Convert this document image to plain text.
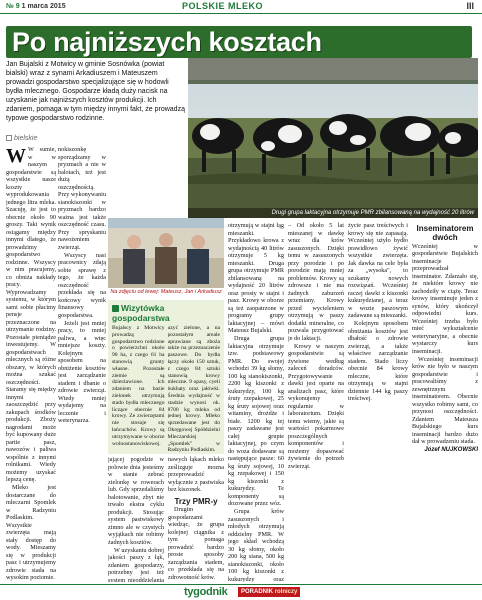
№ 9 1 marca 2015	POLSKIE MLEKO	III
Po najniższych kosztach
Jan Bujalski z Motwicy w gminie Sosnówka (powiat bialski) wraz z synami Arkadiuszem i Mateuszem prowadzi gospodarstwo specjalizujące się w hodowli bydła mlecznego. Gospodarze kładą duży nacisk na uzyskanie jak najniższych kosztów produkcji. Ich zdaniem, pomaga w tym między innymi fakt, że prowadzą typowe gospodarstwo rodzinne.
bielskie
Drugi grupa laktacyjna otrzymuje PMR zbilansowaną na wydajność 20 litrów
Na zdjęciu od lewej: Mateusz, Jan i Arkadiusz

W W sumie, w w naszym gospodarstwie są wszystkie nasze koszty wyprodukowania jednego litra mleka. Szacuję, że jest to obecnie około 90 groszy. Taki wynik osiągamy między innymi dlatego, że prowadzimy gospodarstwo rodzinne. Wszyscy w nim pracujemy, co obniża nakłady pracy. Wyprowadzamy systemu, w którym sami sobie płacimy pensje przeznaczone na utrzymanie rodziny. Pozostałe pieniądze inwestujemy. W gospodarstwach mlecznych są różne obszary, w których można szukać oszczędności. Staramy się między innymi zaoszczędzić przy zakupach środków produkcji. Zboży nagrodami może być kupowany duże partie pasz, nawozów i paliwa wspólnie z innymi rolnikami. Wtedy możemy uzyskać lepszą cenę.

Mleko jest dostarczane do mleczarni Spomlek w Radzyniu Podlaskim. Wszystkie zwierzęta mają stały dostęp do wody. Mieszamy się w produkcji pasz i utrzymujemy zdrowie stada na wysokim poziomie.

nokiszonkę sporządzamy w pryzmach a nie w balotach, też jest dużą oszczędnością. Przy wykonywaniu sianokiszonki w pryzmach bardzo ważna jest także oszczędność czasu. Przy spryskaniu nawożeniem zwierząt.

Wszyscy nasi pracownicy zdają sobie sprawę z tego, że każda oszczędność przekłada się na końcowy wynik finansowy gospodarstwa.

Jeżeli jest mniej pracy, to mniej paliwa, a więc mniejsze koszty. Kolejnym sposobem na obniżenie kosztów jest zarządzanie stadem i dbanie o zdrowie zwierząt. Wtedy mniej wydajemy na leczenie i weterynarza.

Wizytówka gospodarstwa
Bujalscy z Motwicy prowadzą gospodarstwo rodzinne o powierzchni około 90 ha, z czego 61 ha stanowią grunty własne. Pozostałe ziemie są dzierżawione. Ich zdaniem na bazie zielonek utrzymują stado bydła mlecznego liczące obecnie 84 krowy. Ze zwierzętami nie stosuje się łańcuchów. Krowy są utrzymywane w oborze wolnostanowiskowej.
uzyć zielone, a na pozostałym areale uprawiane są zboża także na przeznaczenie paszowe. Do bydła łączy około 150 sztuk, z czego 84 sztuki stanowią krowy mleczne. 9 opasy, cyeli bukhaty oraz jałówki. Średnia wydajność w stadzie wynosi ok. 8700 kg mleka od jednej krowy. Mleko sprzedawane jest do Okręgowej Spółdzielni Mleczarskiej „Spomlek" w Radzyniu Podlaskim.

jającej pogodzie w polowie dnia jesteśmy w stanie zebrać zielonkę w rowerach lub. Gdy sprzedaliśmy balotowanie, zbyt nie trwało ekstra cyklu produkcji. Stosując system pastwiskowy zimno ale w czystych wyjątkach nie robimy żadnych kosztów.

W uzyskaniu dobrej jakości paszy z łąk, zdaniem gospodarzy, potrzebny jest też system nieoddzielania

nawych łąkach mleko ześlizguje mozna przeprowadzić wyłącznie z pastwiska bez kiszonek.

Trzy PMR-y

Drugim gospodarzami wiedząc, że grupa kolejnej ciągnika z tym pomaga prowadzić bardzo proste sposoby zarządzania stadem, co przekłada się na zdrowotność krów.

otrzymują w stajni łąg mieszanki. Przykładowo krowa z wydajnością 40 litrów otrzymuje 5 kg mieszanki. Druga grupa otrzymuje PMR zbilansowaną na wydajność 20 litrów oraz prosty w stajni i pasz. Krowy w oborze są też zaopatrzone w programy grupy laktacyjnej – mówi Mateusz Bujalski.

Druga grupa laktacyjna otrzymuje tzw. podstawowy PMR. Do swojej wchodzi 39 kg słomy, 100 kg sianokiszonki, 2200 kg kiszonki z kukurydzy, 100 kg śruty rzepakowej, 25 kg śruty sojowej oraz witaminy, drożdże i białe. 1200 kg tej paszy zadawane jest całej grupie laktacyjnej, po czym do woza dodawane są następujące pasze: 60 kg śruty sojowej, 10 kg rzepakowej i 150 kg kiszonki z kukurydzy. Te komponenty są dozowane przez wóz.

Grupa krów zasuszonych i młodych otrzymują oddzielny PMR. W jego skład wchodzą 30 kg słomy, około 200 kg siana, 500 kg sianokiszonki, około 100 kg kiszonki z kukurydzy oraz

– Od około 5 lat mieszanej w dawkę wraz dla krów zasuszonych. Dzięki temu w zasuszonych przy porodzie i po porodzie mają mniej problemów. Krowy są zdrowsze i nie ma żadnych zaburzeń przemiany. Krowy przed wycieleniem otrzymują w paszy dodatki mineralne, co pozwala przygotować je do laktacji.

Krowy w naszym gospodarstwie są żywione według zaleceń doradców. Przygotowywanie dawki jest oparte na analizach pasz, które wykonujemy regularnie w laboratorium. Dzięki temu wiemy, jakie są wartości pokarmowe poszczególnych komponentów i możemy dopasować żywienie do potrzeb zwierząt.

życie pasz treściwych i krowy się nie zapasają. Wcześniej użyło bydło prawidłowo żywić wszystkie zwierzęta. Jak dawka na cele była za „wysoka", to szukamy nowych rozwiązań. Wcześniej raczej dawki z kiszonki kukurydzianej, a teraz w wozie paszowym zadawane są mieszanki.

Kolejnym sposobem obniżania kosztów jest dbałość o zdrowie zwierząt, a także właściwe zarządzanie stadem. Stado liczy obecnie 84 krowy mleczne, które otrzymują w stajni dziennie 144 kg paszy treściwej.

Inseminatorem dwóch

Wcześniej w gospodarstwie Bujalskich inseminacje przeprowadzał inseminator. Zdarzało się, że niektóre krowy nie zachodziły w ciążę. Teraz krowy inseminuje jeden z synów, który ukończył odpowiedni kurs. Wcześniej trzeba było mieć wykształcenie weterynaryjne, a obecnie wystarczy kurs inseminacji.

Wcześniej inseminacji krów nie było w naszym gospodarstwie i pracowaliśmy z zewnętrznym inseminatorem. Obecnie wszystko robimy sami, co przynosi oszczędności. Zdaniem Mateusza Bujalskiego kurs inseminacji bardzo dużo dał w prowadzeniu stada.

Józef NUJKOWSKI
tygodnik	PORADNIK rolniczy
